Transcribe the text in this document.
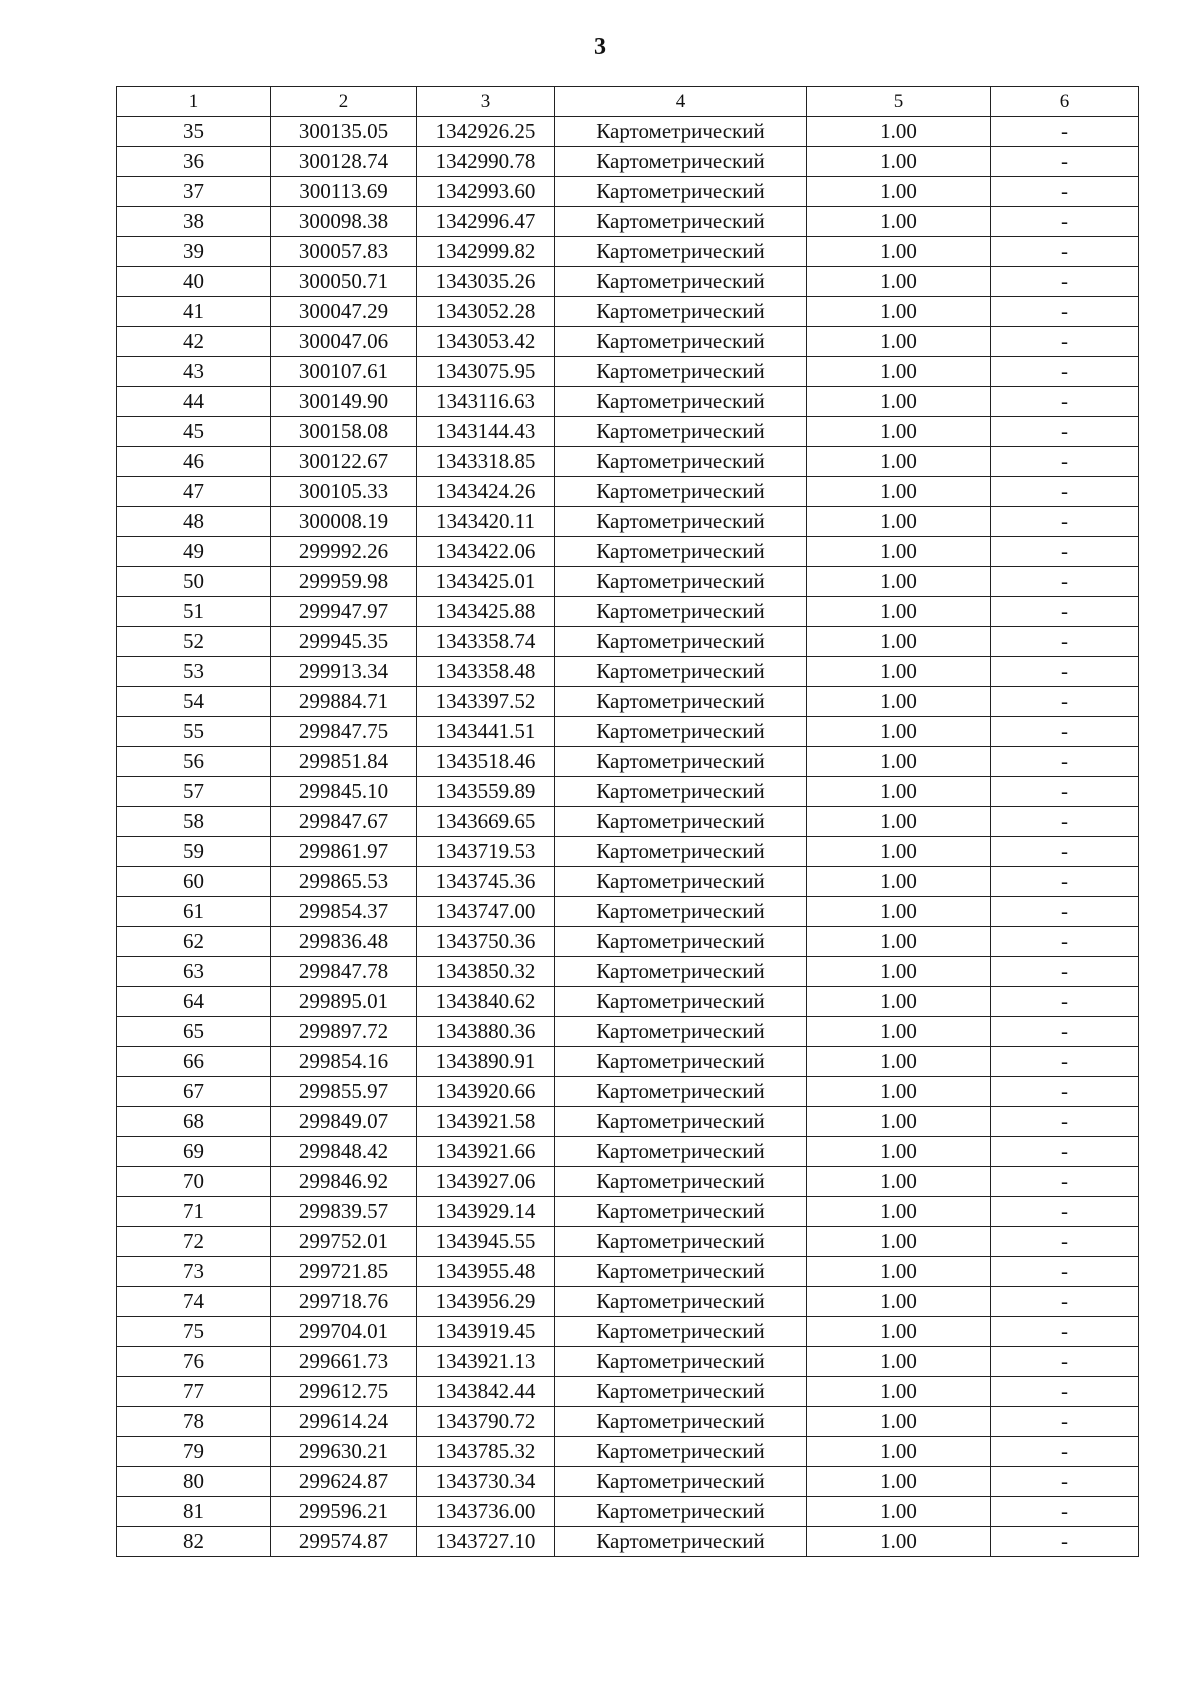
3
1	2	3	4	5	6
35	300135.05	1342926.25	Картометрический	1.00	-
36	300128.74	1342990.78	Картометрический	1.00	-
37	300113.69	1342993.60	Картометрический	1.00	-
38	300098.38	1342996.47	Картометрический	1.00	-
39	300057.83	1342999.82	Картометрический	1.00	-
40	300050.71	1343035.26	Картометрический	1.00	-
41	300047.29	1343052.28	Картометрический	1.00	-
42	300047.06	1343053.42	Картометрический	1.00	-
43	300107.61	1343075.95	Картометрический	1.00	-
44	300149.90	1343116.63	Картометрический	1.00	-
45	300158.08	1343144.43	Картометрический	1.00	-
46	300122.67	1343318.85	Картометрический	1.00	-
47	300105.33	1343424.26	Картометрический	1.00	-
48	300008.19	1343420.11	Картометрический	1.00	-
49	299992.26	1343422.06	Картометрический	1.00	-
50	299959.98	1343425.01	Картометрический	1.00	-
51	299947.97	1343425.88	Картометрический	1.00	-
52	299945.35	1343358.74	Картометрический	1.00	-
53	299913.34	1343358.48	Картометрический	1.00	-
54	299884.71	1343397.52	Картометрический	1.00	-
55	299847.75	1343441.51	Картометрический	1.00	-
56	299851.84	1343518.46	Картометрический	1.00	-
57	299845.10	1343559.89	Картометрический	1.00	-
58	299847.67	1343669.65	Картометрический	1.00	-
59	299861.97	1343719.53	Картометрический	1.00	-
60	299865.53	1343745.36	Картометрический	1.00	-
61	299854.37	1343747.00	Картометрический	1.00	-
62	299836.48	1343750.36	Картометрический	1.00	-
63	299847.78	1343850.32	Картометрический	1.00	-
64	299895.01	1343840.62	Картометрический	1.00	-
65	299897.72	1343880.36	Картометрический	1.00	-
66	299854.16	1343890.91	Картометрический	1.00	-
67	299855.97	1343920.66	Картометрический	1.00	-
68	299849.07	1343921.58	Картометрический	1.00	-
69	299848.42	1343921.66	Картометрический	1.00	-
70	299846.92	1343927.06	Картометрический	1.00	-
71	299839.57	1343929.14	Картометрический	1.00	-
72	299752.01	1343945.55	Картометрический	1.00	-
73	299721.85	1343955.48	Картометрический	1.00	-
74	299718.76	1343956.29	Картометрический	1.00	-
75	299704.01	1343919.45	Картометрический	1.00	-
76	299661.73	1343921.13	Картометрический	1.00	-
77	299612.75	1343842.44	Картометрический	1.00	-
78	299614.24	1343790.72	Картометрический	1.00	-
79	299630.21	1343785.32	Картометрический	1.00	-
80	299624.87	1343730.34	Картометрический	1.00	-
81	299596.21	1343736.00	Картометрический	1.00	-
82	299574.87	1343727.10	Картометрический	1.00	-
